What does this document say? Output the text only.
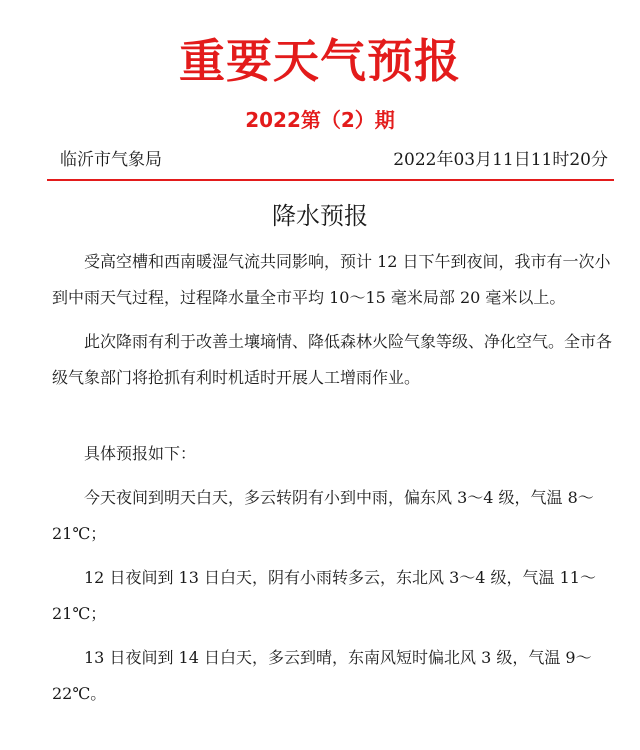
重要天气预报
2022第（2）期
临沂市气象局	2022年03月11日11时20分
降水预报

受高空槽和西南暖湿气流共同影响，预计 12 日下午到夜间，我市有一次小到中雨天气过程，过程降水量全市平均 10～15 毫米局部 20 毫米以上。

此次降雨有利于改善土壤墒情、降低森林火险气象等级、净化空气。全市各级气象部门将抢抓有利时机适时开展人工增雨作业。

具体预报如下：

今天夜间到明天白天，多云转阴有小到中雨，偏东风 3～4 级，气温 8～21℃；

12 日夜间到 13 日白天，阴有小雨转多云，东北风 3～4 级，气温 11～21℃；

13 日夜间到 14 日白天，多云到晴，东南风短时偏北风 3 级，气温 9～22℃。
